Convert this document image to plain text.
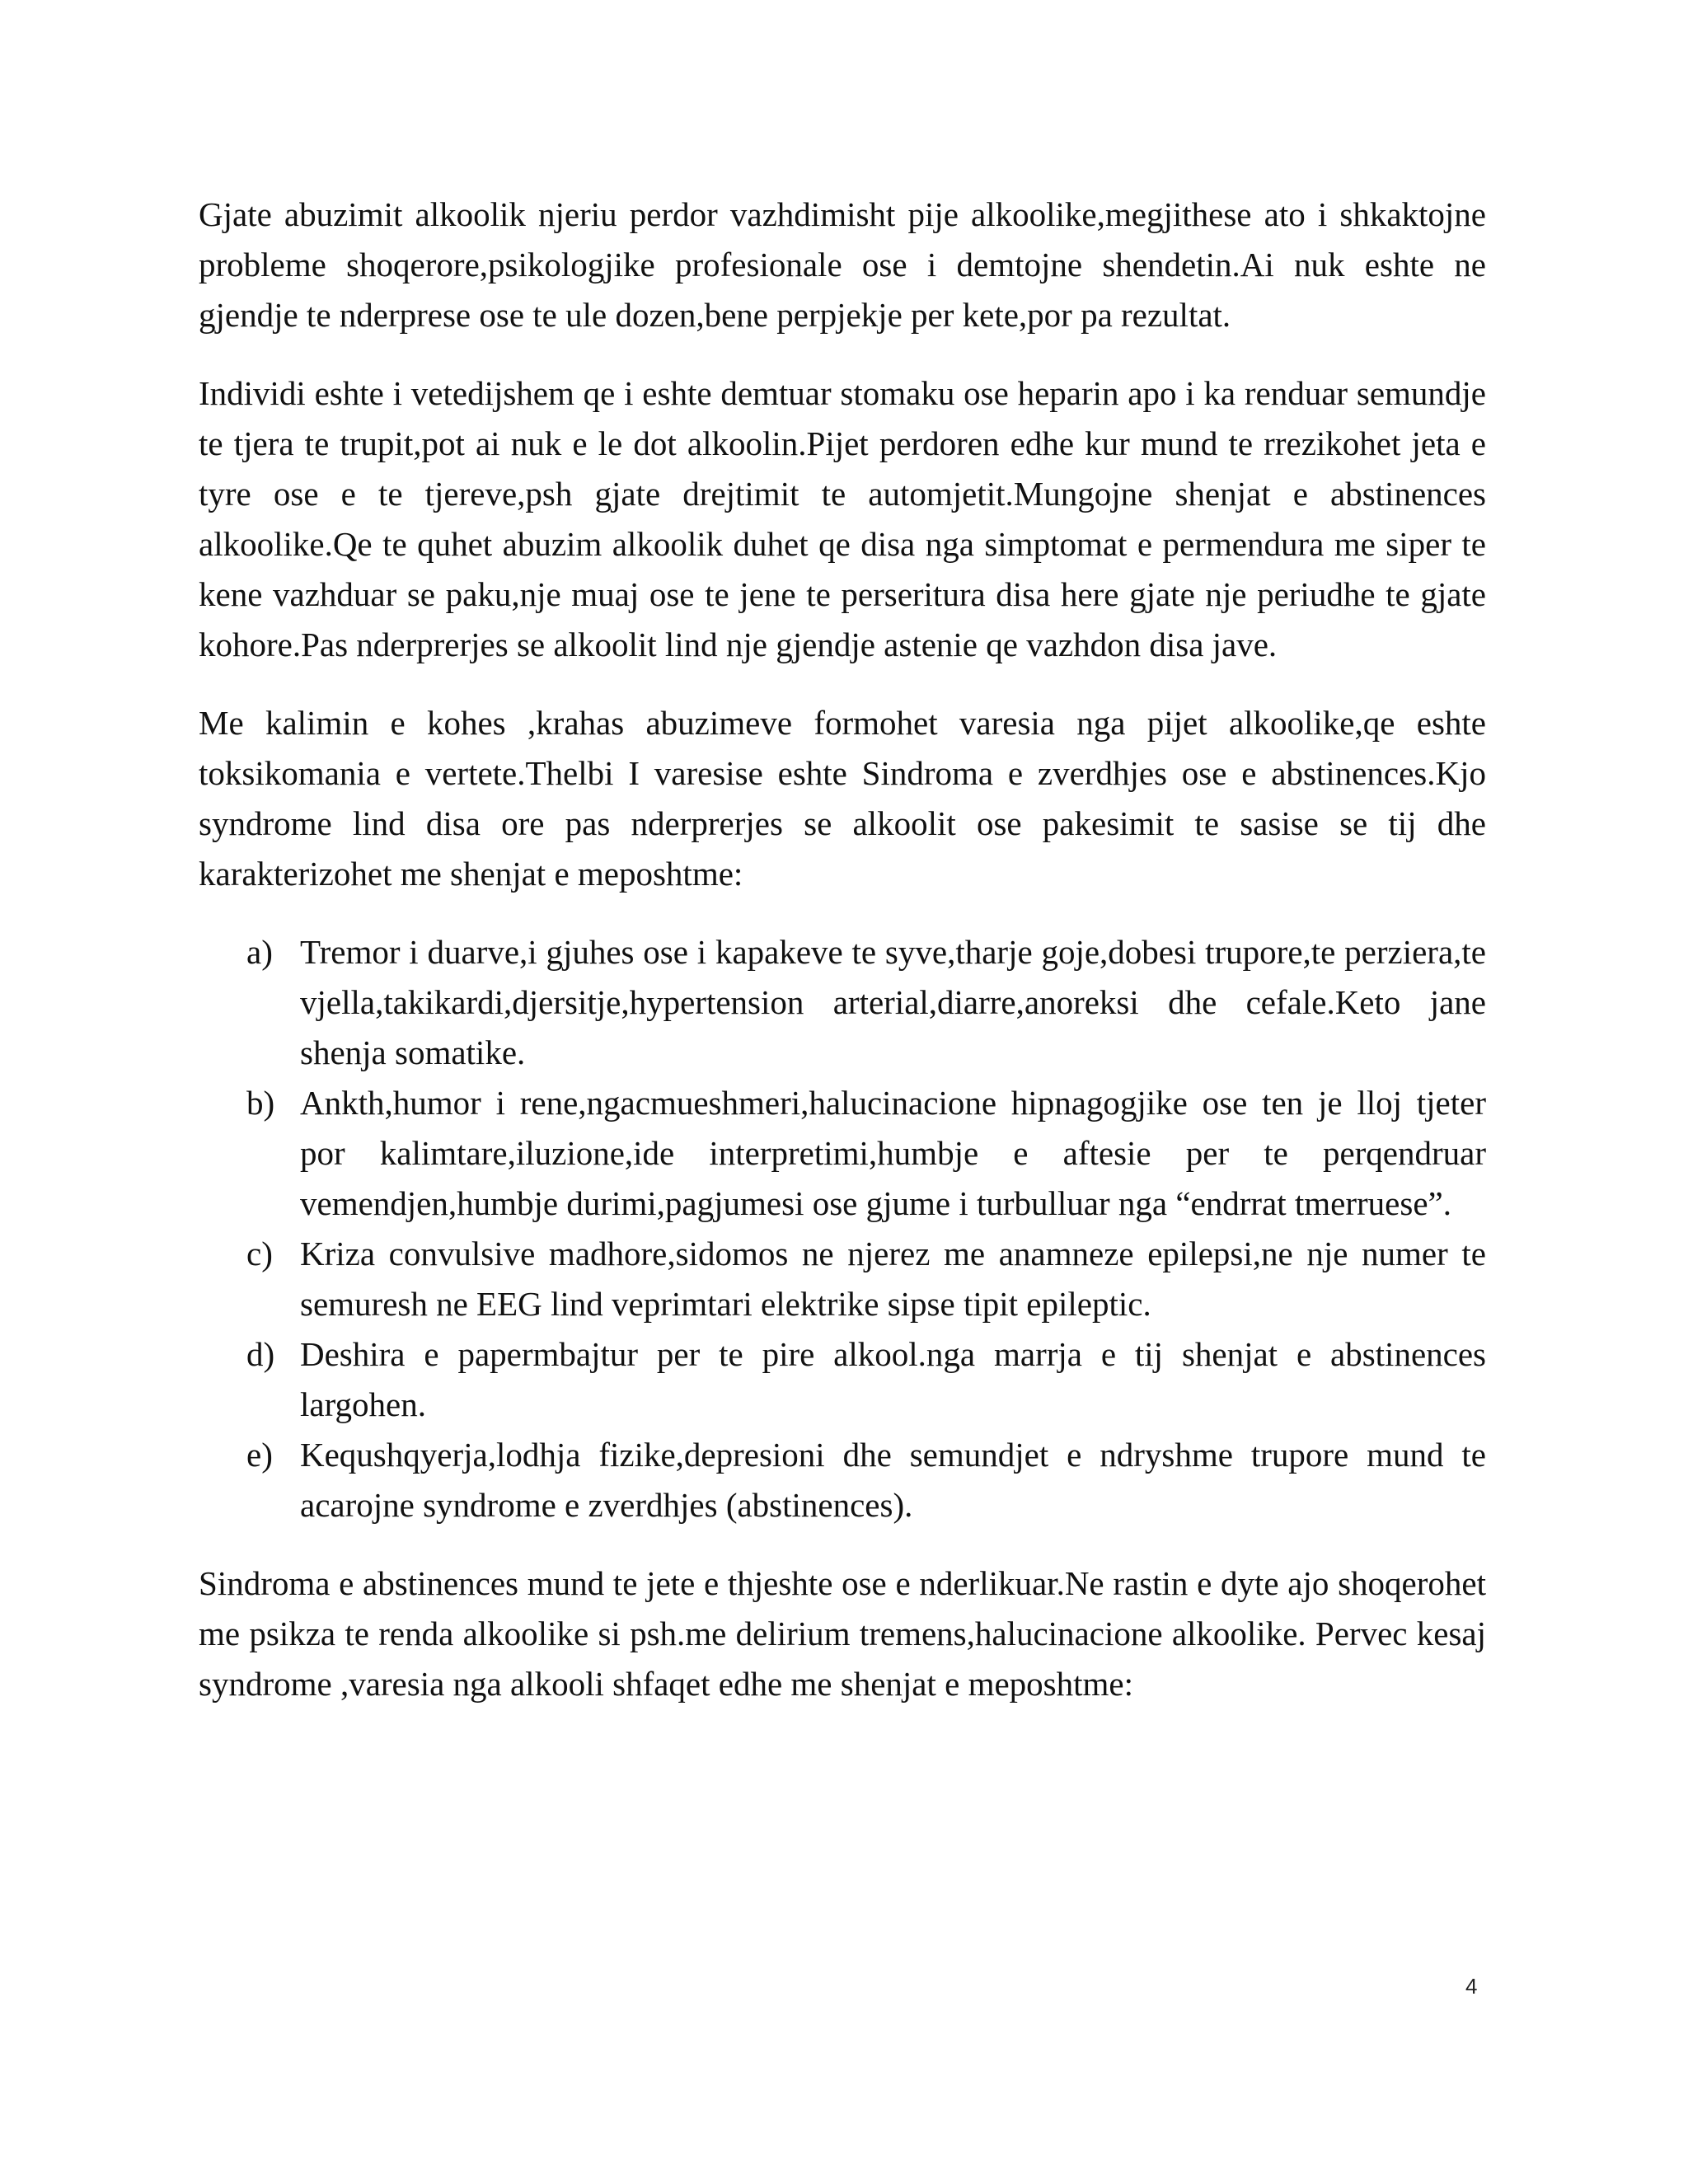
Gjate abuzimit alkoolik njeriu perdor vazhdimisht pije alkoolike,megjithese ato i shkaktojne probleme shoqerore,psikologjike profesionale ose i demtojne shendetin.Ai nuk eshte ne gjendje te nderprese ose te ule dozen,bene perpjekje per kete,por pa rezultat.

Individi eshte i vetedijshem qe i eshte demtuar stomaku ose heparin apo i ka renduar semundje te tjera te trupit,pot ai nuk e le dot alkoolin.Pijet perdoren edhe kur mund te rrezikohet jeta e tyre ose e te tjereve,psh gjate drejtimit te automjetit.Mungojne shenjat e abstinences alkoolike.Qe te quhet abuzim alkoolik duhet qe disa nga simptomat e permendura me siper te kene vazhduar se paku,nje muaj ose te jene te perseritura disa here gjate nje periudhe te gjate kohore.Pas nderprerjes se alkoolit lind nje gjendje astenie qe vazhdon disa jave.

Me kalimin e kohes ,krahas abuzimeve formohet varesia nga pijet alkoolike,qe eshte toksikomania e vertete.Thelbi I varesise eshte Sindroma e zverdhjes ose e abstinences.Kjo syndrome lind disa ore pas nderprerjes se alkoolit ose pakesimit te sasise se tij dhe karakterizohet me shenjat e meposhtme:

a) Tremor i duarve,i gjuhes ose i kapakeve te syve,tharje goje,dobesi trupore,te perziera,te vjella,takikardi,djersitje,hypertension arterial,diarre,anoreksi dhe cefale.Keto jane shenja somatike.
b) Ankth,humor i rene,ngacmueshmeri,halucinacione hipnagogjike ose ten je lloj tjeter por kalimtare,iluzione,ide interpretimi,humbje e aftesie per te perqendruar vemendjen,humbje durimi,pagjumesi ose gjume i turbulluar nga “endrrat tmerruese”.
c) Kriza convulsive madhore,sidomos ne njerez me anamneze epilepsi,ne nje numer te semuresh ne EEG lind veprimtari elektrike sipse tipit epileptic.
d) Deshira e papermbajtur per te pire alkool.nga marrja e tij shenjat e abstinences largohen.
e) Kequshqyerja,lodhja fizike,depresioni dhe semundjet e ndryshme trupore mund te acarojne syndrome e zverdhjes (abstinences).

Sindroma e abstinences mund te jete e thjeshte ose e nderlikuar.Ne rastin e dyte ajo shoqerohet me psikza te renda alkoolike si psh.me delirium tremens,halucinacione alkoolike. Pervec kesaj syndrome ,varesia nga alkooli shfaqet edhe me shenjat e meposhtme:

4
